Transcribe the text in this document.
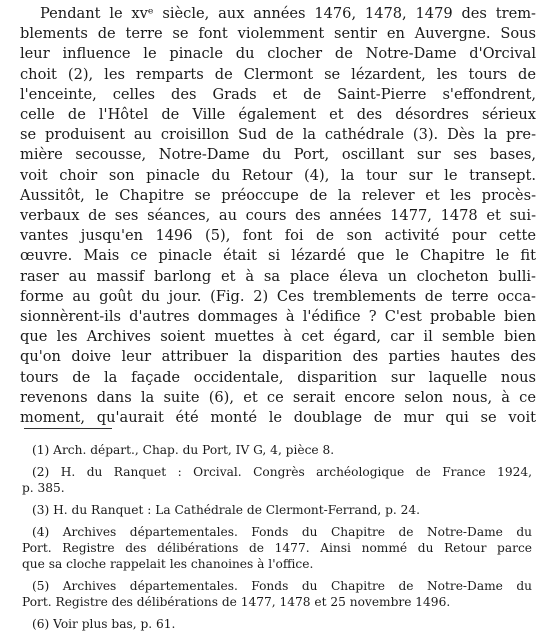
Pendant le xvᵉ siècle, aux années 1476, 1478, 1479 des trem-
blements de terre se font violemment sentir en Auvergne. Sous
leur influence le pinacle du clocher de Notre-Dame d'Orcival
choit (2), les remparts de Clermont se lézardent, les tours de
l'enceinte, celles des Grads et de Saint-Pierre s'effondrent,
celle de l'Hôtel de Ville également et des désordres sérieux
se produisent au croisillon Sud de la cathédrale (3). Dès la pre-
mière secousse, Notre-Dame du Port, oscillant sur ses bases,
voit choir son pinacle du Retour (4), la tour sur le transept.
Aussitôt, le Chapitre se préoccupe de la relever et les procès-
verbaux de ses séances, au cours des années 1477, 1478 et sui-
vantes jusqu'en 1496 (5), font foi de son activité pour cette
œuvre. Mais ce pinacle était si lézardé que le Chapitre le fit
raser au massif barlong et à sa place éleva un clocheton bulli-
forme au goût du jour. (Fig. 2) Ces tremblements de terre occa-
sionnèrent-ils d'autres dommages à l'édifice ? C'est probable bien
que les Archives soient muettes à cet égard, car il semble bien
qu'on doive leur attribuer la disparition des parties hautes des
tours de la façade occidentale, disparition sur laquelle nous
revenons dans la suite (6), et ce serait encore selon nous, à ce
moment, qu'aurait été monté le doublage de mur qui se voit
(1) Arch. départ., Chap. du Port, IV G, 4, pièce 8.
(2) H. du Ranquet : Orcival. Congrès archéologique de France 1924,
p. 385.
(3) H. du Ranquet : La Cathédrale de Clermont-Ferrand, p. 24.
(4) Archives départementales. Fonds du Chapitre de Notre-Dame du
Port. Registre des délibérations de 1477. Ainsi nommé du Retour parce
que sa cloche rappelait les chanoines à l'office.
(5) Archives départementales. Fonds du Chapitre de Notre-Dame du
Port. Registre des délibérations de 1477, 1478 et 25 novembre 1496.
(6) Voir plus bas, p. 61.
